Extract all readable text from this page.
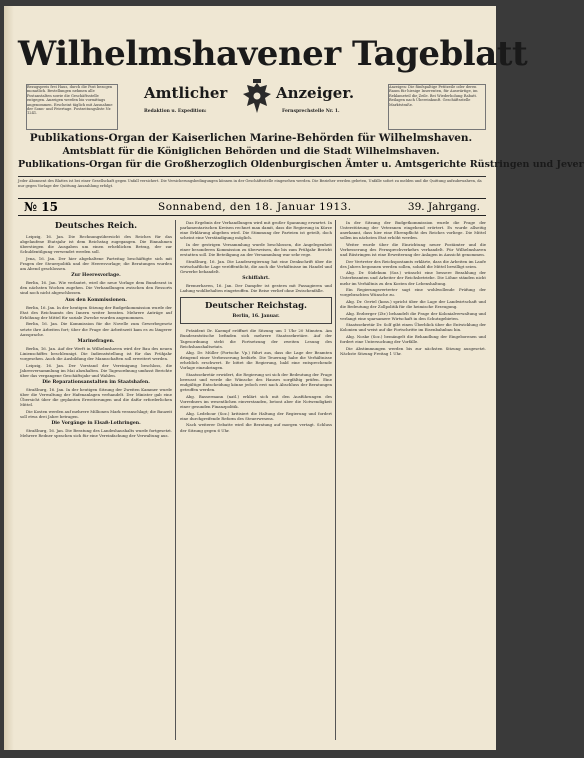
Wilhelmshavener Tageblatt
Bezugspreis frei Haus, durch die Post bezogen monatlich. Bestellungen nehmen alle Postanstalten sowie die Geschäftsstelle entgegen. Anzeigen werden bis vormittags angenommen. Erscheint täglich mit Ausnahme der Sonn- und Feiertage. Postzeitungsliste Nr. 1241.
Amtlicher	Anzeiger.
Redaktion u. Expedition:	Fernsprechstelle Nr. 1.
Anzeigen: Die fünfspaltige Petitzeile oder deren Raum für hiesige Inserenten, für Auswärtige, im Reklameteil die Zeile. Bei Wiederholung Rabatt. Beilagen nach Übereinkunft. Geschäftsstelle Marktstraße.
Publikations-Organ der Kaiserlichen Marine-Behörden für Wilhelmshaven.
Amtsblatt für die Königlichen Behörden und die Stadt Wilhelmshaven.
Publikations-Organ für die Großherzoglich Oldenburgischen Ämter u. Amtsgerichte Rüstringen und Jever
Jeder Abonnent des Blattes ist bei einer Gesellschaft gegen Unfall versichert. Die Versicherungsbedingungen können in der Geschäftsstelle eingesehen werden. Die Bezieher werden gebeten, Unfälle sofort zu melden und die Quittung aufzubewahren, da nur gegen Vorlage der Quittung Auszahlung erfolgt.
№ 15	Sonnabend, den 18. Januar 1913.	39. Jahrgang.
Deutsches Reich.

Leipzig, 16. Jan. Die Rechnungsübersicht des Reiches für das abgelaufene Etatsjahr ist dem Reichstag zugegangen. Die Einnahmen überstiegen die Ausgaben um einen erheblichen Betrag, der zur Schuldentilgung verwendet werden soll.

Jena, 16. Jan. Der hier abgehaltene Parteitag beschäftigte sich mit Fragen der Steuerpolitik und der Heeresvorlage; die Beratungen wurden am Abend geschlossen.

Zur Heeresvorlage.

Berlin, 16. Jan. Wie verlautet, wird die neue Vorlage dem Bundesrat in den nächsten Wochen zugehen. Die Verhandlungen zwischen den Ressorts sind noch nicht abgeschlossen.

Aus den Kommissionen.

Berlin, 16. Jan. In der heutigen Sitzung der Budgetkommission wurde der Etat des Reichsamts des Innern weiter beraten. Mehrere Anträge auf Erhöhung der Mittel für soziale Zwecke wurden angenommen.

Berlin, 16. Jan. Die Kommission für die Novelle zum Gewerbegesetz setzte ihre Arbeiten fort; über die Frage der Arbeitszeit kam es zu längerer Aussprache.

Marinefragen.

Berlin, 16. Jan. Auf der Werft in Wilhelmshaven wird der Bau des neuen Linienschiffes beschleunigt. Die Indienststellung ist für das Frühjahr vorgesehen. Auch die Ausbildung der Mannschaften soll erweitert werden.

Leipzig, 16. Jan. Der Vorstand der Vereinigung beschloss, die Jahresversammlung im Mai abzuhalten. Die Tagesordnung umfasst Berichte über das vergangene Geschäftsjahr und Wahlen.

Die Reparationsanstalten im Staatshafen.

Straßburg, 16. Jan. In der heutigen Sitzung der Zweiten Kammer wurde über die Verwaltung der Hafenanlagen verhandelt. Der Minister gab eine Übersicht über die geplanten Erweiterungen und die dafür erforderlichen Mittel.

Die Kosten werden auf mehrere Millionen Mark veranschlagt; die Bauzeit soll etwa drei Jahre betragen.

Die Vorgänge in Elsaß-Lothringen.

Straßburg, 16. Jan. Die Beratung des Landeshaushalts wurde fortgesetzt. Mehrere Redner sprachen sich für eine Vereinfachung der Verwaltung aus.

Das Ergebnis der Verhandlungen wird mit großer Spannung erwartet. In parlamentarischen Kreisen rechnet man damit, dass die Regierung in Kürze eine Erklärung abgeben wird. Die Stimmung der Parteien ist geteilt, doch scheint eine Verständigung möglich.

In der gestrigen Versammlung wurde beschlossen, die Angelegenheit einer besonderen Kommission zu überweisen, die bis zum Frühjahr Bericht erstatten soll. Die Beteiligung an der Versammlung war sehr rege.

Straßburg, 16. Jan. Die Landesregierung hat eine Denkschrift über die wirtschaftliche Lage veröffentlicht, die auch die Verhältnisse im Handel und Gewerbe behandelt.

Schiffahrt.

Bremerhaven, 16. Jan. Der Dampfer ist gestern mit Passagieren und Ladung wohlbehalten eingetroffen. Die Reise verlief ohne Zwischenfälle.

Deutscher Reichstag.
Berlin, 16. Januar.

Präsident Dr. Kaempf eröffnet die Sitzung um 1 Uhr 20 Minuten. Am Bundesratstische befinden sich mehrere Staatssekretäre. Auf der Tagesordnung steht die Fortsetzung der zweiten Lesung des Reichshaushaltsetats.

Abg. Dr. Müller (Fortschr. Vp.) führt aus, dass die Lage der Beamten dringend einer Verbesserung bedürfe. Die Teuerung habe die Verhältnisse erheblich erschwert. Er bittet die Regierung, bald eine entsprechende Vorlage einzubringen.

Staatssekretär erwidert, die Regierung sei sich der Bedeutung der Frage bewusst und werde die Wünsche des Hauses sorgfältig prüfen. Eine endgültige Entscheidung könne jedoch erst nach Abschluss der Beratungen getroffen werden.

Abg. Bassermann (natl.) erklärt sich mit den Ausführungen des Vorredners im wesentlichen einverstanden, betont aber die Notwendigkeit einer gesunden Finanzpolitik.

Abg. Ledebour (Soz.) kritisiert die Haltung der Regierung und fordert eine durchgreifende Reform des Steuerwesens.

Nach weiterer Debatte wird die Beratung auf morgen vertagt. Schluss der Sitzung gegen 6 Uhr.

In der Sitzung der Budgetkommission wurde die Frage der Unterstützung der Veteranen eingehend erörtert. Es wurde allseitig anerkannt, dass hier eine Ehrenpflicht des Reiches vorliege. Die Mittel sollen im nächsten Etat erhöht werden.

Weiter wurde über die Einrichtung neuer Postämter und die Verbesserung des Fernsprechverkehrs verhandelt. Für Wilhelmshaven und Rüstringen ist eine Erweiterung der Anlagen in Aussicht genommen.

Der Vertreter des Reichspostamts erklärte, dass die Arbeiten im Laufe des Jahres begonnen werden sollen, sobald die Mittel bewilligt seien.

Abg. Dr. Südekum (Soz.) wünscht eine bessere Bezahlung der Unterbeamten und Arbeiter der Reichsbetriebe. Die Löhne ständen nicht mehr im Verhältnis zu den Kosten der Lebenshaltung.

Ein Regierungsvertreter sagt eine wohlwollende Prüfung der vorgebrachten Wünsche zu.

Abg. Dr. Oertel (kons.) spricht über die Lage der Landwirtschaft und die Bedeutung der Zollpolitik für die heimische Erzeugung.

Abg. Erzberger (Ztr.) behandelt die Frage der Kolonialverwaltung und verlangt eine sparsamere Wirtschaft in den Schutzgebieten.

Staatssekretär Dr. Solf gibt einen Überblick über die Entwicklung der Kolonien und weist auf die Fortschritte im Eisenbahnbau hin.

Abg. Noske (Soz.) bemängelt die Behandlung der Eingeborenen und fordert eine Untersuchung der Vorfälle.

Die Abstimmungen werden bis zur nächsten Sitzung ausgesetzt. Nächste Sitzung Freitag 1 Uhr.
